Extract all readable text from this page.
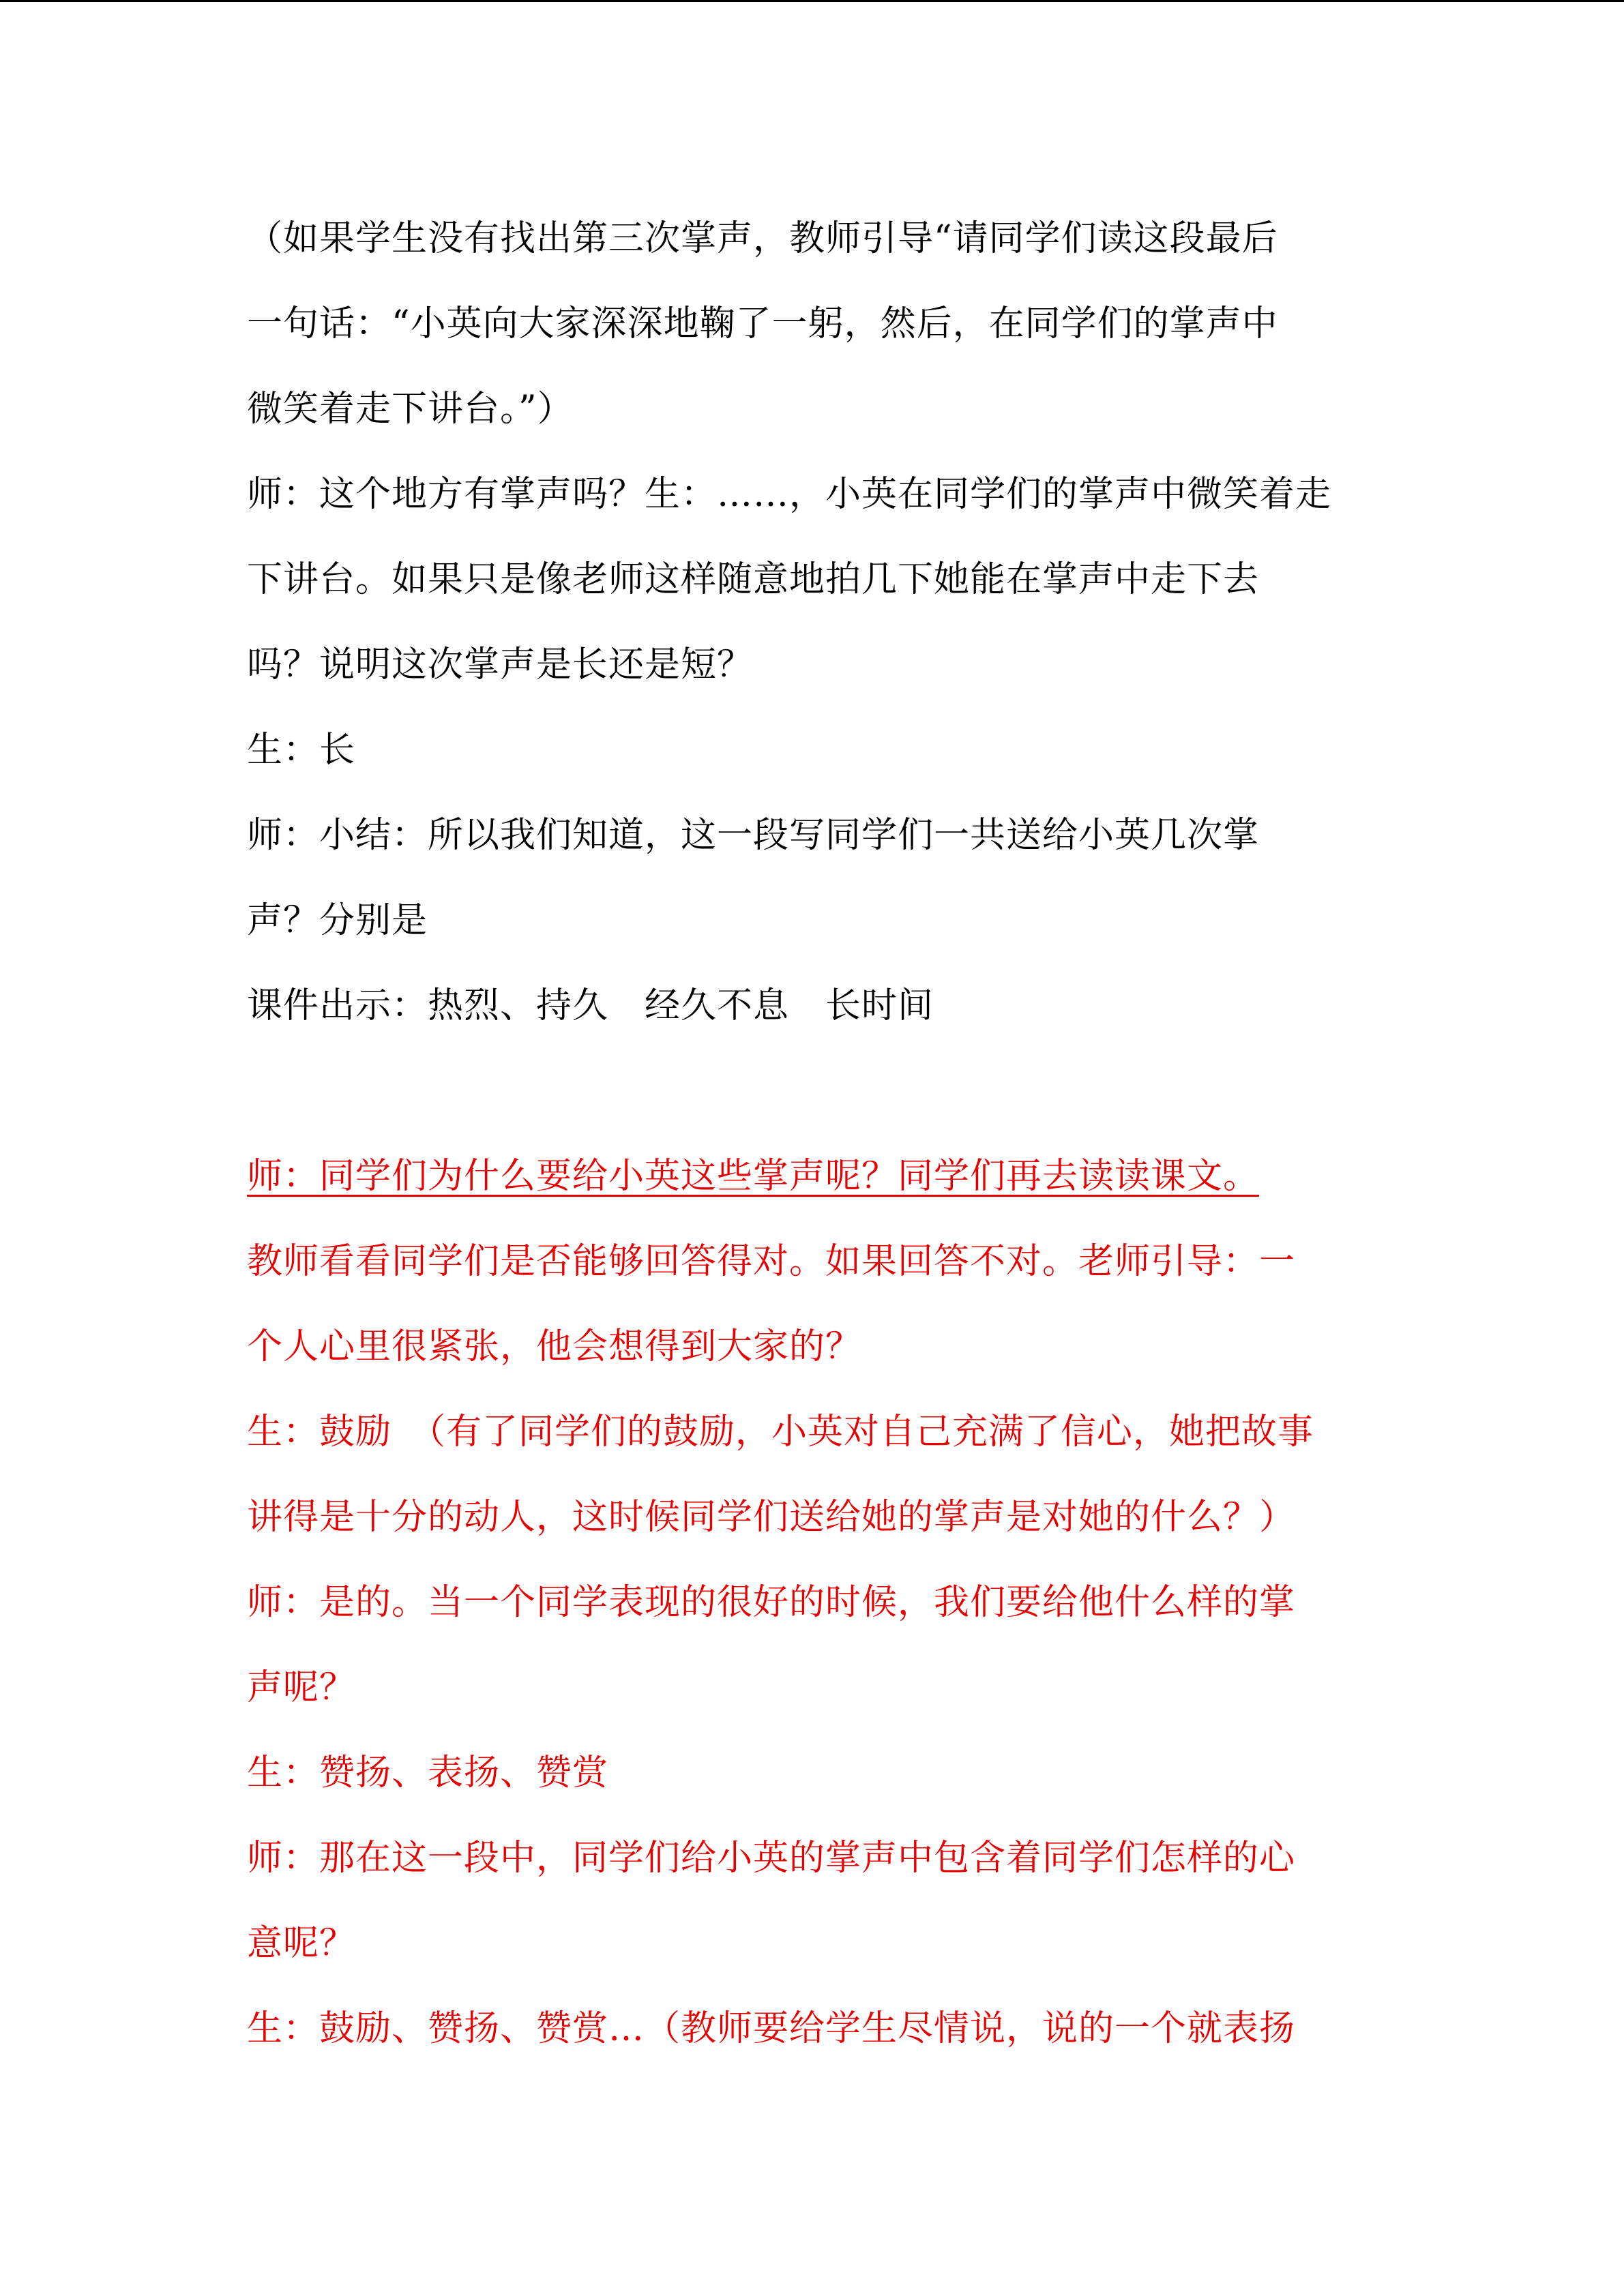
（如果学生没有找出第三次掌声，教师引导“请同学们读这段最后

一句话：“小英向大家深深地鞠了一躬，然后，在同学们的掌声中

微笑着走下讲台。”）

师：这个地方有掌声吗？生：……，小英在同学们的掌声中微笑着走

下讲台。如果只是像老师这样随意地拍几下她能在掌声中走下去

吗？说明这次掌声是长还是短？

生：长

师：小结：所以我们知道，这一段写同学们一共送给小英几次掌

声？分别是

课件出示：热烈、持久　经久不息　长时间

师：同学们为什么要给小英这些掌声呢？同学们再去读读课文。

教师看看同学们是否能够回答得对。如果回答不对。老师引导：一

个人心里很紧张，他会想得到大家的？

生：鼓励　（有了同学们的鼓励，小英对自己充满了信心，她把故事

讲得是十分的动人，这时候同学们送给她的掌声是对她的什么？）

师：是的。当一个同学表现的很好的时候，我们要给他什么样的掌

声呢？

生：赞扬、表扬、赞赏

师：那在这一段中，同学们给小英的掌声中包含着同学们怎样的心

意呢？

生：鼓励、赞扬、赞赏…（教师要给学生尽情说，说的一个就表扬
